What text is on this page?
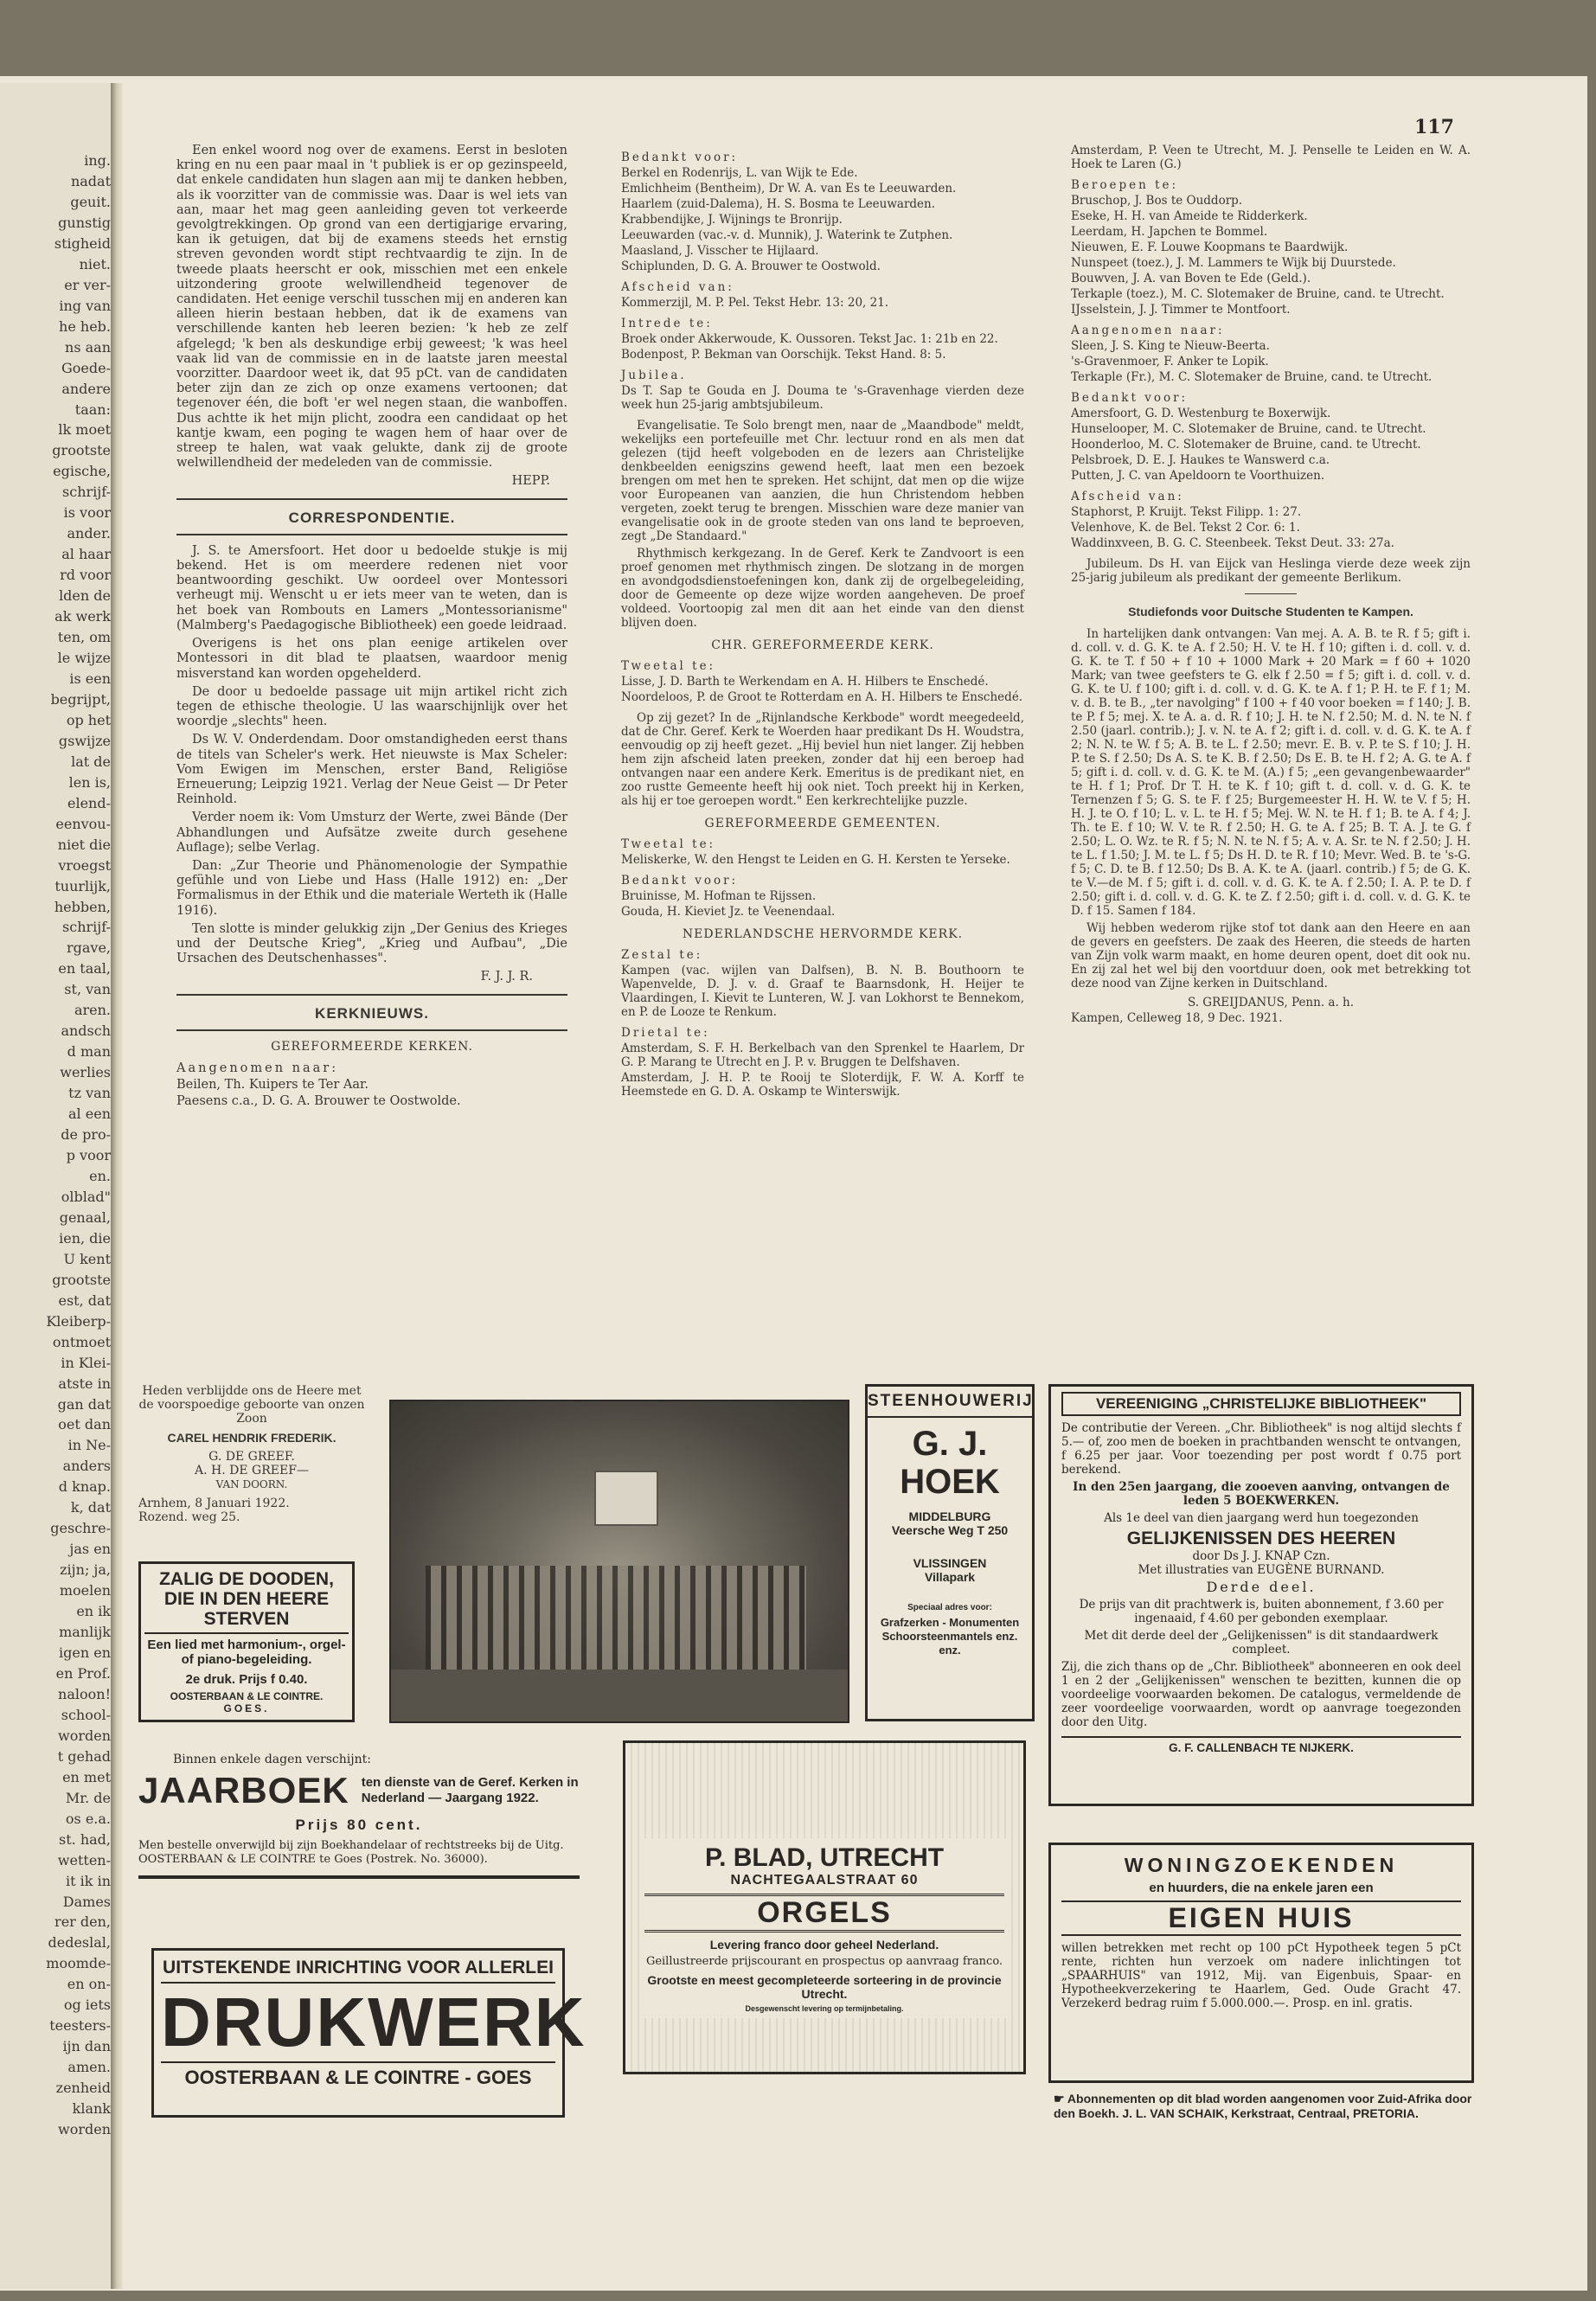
ing.
nadat
geuit.
gunstig
stigheid
niet.
er ver-
ing van
he heb.
ns aan
Goede-
andere
taan:
lk moet
grootste
egische,
schrijf-
is voor
ander.
al haar
rd voor
lden de
ak werk
ten, om
le wijze
is een
begrijpt,
op het
gswijze
lat de
len is,
elend-
eenvou-
niet die
vroegst
tuurlijk,
hebben,
schrijf-
rgave,
en taal,
st, van
aren.
andsch
d man
werlies
tz van
al een
de pro-
p voor
en.
olblad"
genaal,
ien, die
U kent
grootste
est, dat
Kleiberp-
ontmoet
in Klei-
atste in
gan dat
oet dan
in Ne-
anders
d knap.
k, dat
geschre-
jas en
zijn; ja,
moelen
en ik
manlijk
igen en
en Prof.
naloon!
school-
worden
t gehad
en met
Mr. de
os e.a.
st. had,
wetten-
it ik in
Dames
rer den,
dedeslal,
moomde-
en on-
og iets
teesters-
ijn dan
amen.
zenheid
klank
worden
117

Een enkel woord nog over de examens. Eerst in besloten kring en nu een paar maal in 't publiek is er op gezinspeeld, dat enkele candidaten hun slagen aan mij te danken hebben, als ik voorzitter van de commissie was. Daar is wel iets van aan, maar het mag geen aanleiding geven tot verkeerde gevolgtrekkingen. Op grond van een dertigjarige ervaring, kan ik getuigen, dat bij de examens steeds het ernstig streven gevonden wordt stipt rechtvaardig te zijn. In de tweede plaats heerscht er ook, misschien met een enkele uitzondering groote welwillendheid tegenover de candidaten. Het eenige verschil tusschen mij en anderen kan alleen hierin bestaan hebben, dat ik de examens van verschillende kanten heb leeren bezien: 'k heb ze zelf afgelegd; 'k ben als deskundige erbij geweest; 'k was heel vaak lid van de commissie en in de laatste jaren meestal voorzitter. Daardoor weet ik, dat 95 pCt. van de candidaten beter zijn dan ze zich op onze examens vertoonen; dat tegenover één, die boft 'er wel negen staan, die wanboffen. Dus achtte ik het mijn plicht, zoodra een candidaat op het kantje kwam, een poging te wagen hem of haar over de streep te halen, wat vaak gelukte, dank zij de groote welwillendheid der medeleden van de commissie.

HEPP.

CORRESPONDENTIE.

J. S. te Amersfoort. Het door u bedoelde stukje is mij bekend. Het is om meerdere redenen niet voor beantwoording geschikt. Uw oordeel over Montessori verheugt mij. Wenscht u er iets meer van te weten, dan is het boek van Rombouts en Lamers „Montessorianisme" (Malmberg's Paedagogische Bibliotheek) een goede leidraad.

Overigens is het ons plan eenige artikelen over Montessori in dit blad te plaatsen, waardoor menig misverstand kan worden opgehelderd.

De door u bedoelde passage uit mijn artikel richt zich tegen de ethische theologie. U las waarschijnlijk over het woordje „slechts" heen.

Ds W. V. Onderdendam. Door omstandigheden eerst thans de titels van Scheler's werk. Het nieuwste is Max Scheler: Vom Ewigen im Menschen, erster Band, Religiöse Erneuerung; Leipzig 1921. Verlag der Neue Geist — Dr Peter Reinhold.

Verder noem ik: Vom Umsturz der Werte, zwei Bände (Der Abhandlungen und Aufsätze zweite durch gesehene Auflage); selbe Verlag.

Dan: „Zur Theorie und Phänomenologie der Sympathie gefühle und von Liebe und Hass (Halle 1912) en: „Der Formalismus in der Ethik und die materiale Werteth ik (Halle 1916).

Ten slotte is minder gelukkig zijn „Der Genius des Krieges und der Deutsche Krieg", „Krieg und Aufbau", „Die Ursachen des Deutschenhasses".

F. J. J. R.

KERKNIEUWS.
GEREFORMEERDE KERKEN.
Aangenomen naar:
Beilen, Th. Kuipers te Ter Aar.
Paesens c.a., D. G. A. Brouwer te Oostwolde.
Bedankt voor:
Berkel en Rodenrijs, L. van Wijk te Ede.
Emlichheim (Bentheim), Dr W. A. van Es te Leeuwarden.
Haarlem (zuid-Dalema), H. S. Bosma te Leeuwarden.
Krabbendijke, J. Wijnings te Bronrijp.
Leeuwarden (vac.-v. d. Munnik), J. Waterink te Zutphen.
Maasland, J. Visscher te Hijlaard.
Schiplunden, D. G. A. Brouwer te Oostwold.
Afscheid van:
Kommerzijl, M. P. Pel. Tekst Hebr. 13: 20, 21.
Intrede te:
Broek onder Akkerwoude, K. Oussoren. Tekst Jac. 1: 21b en 22.
Bodenpost, P. Bekman van Oorschijk. Tekst Hand. 8: 5.
Jubilea.
Ds T. Sap te Gouda en J. Douma te 's-Gravenhage vierden deze week hun 25-jarig ambtsjubileum.

Evangelisatie. Te Solo brengt men, naar de „Maandbode" meldt, wekelijks een portefeuille met Chr. lectuur rond en als men dat gelezen (tijd heeft volgeboden en de lezers aan Christelijke denkbeelden eenigszins gewend heeft, laat men een bezoek brengen om met hen te spreken. Het schijnt, dat men op die wijze voor Europeanen van aanzien, die hun Christendom hebben vergeten, zoekt terug te brengen. Misschien ware deze manier van evangelisatie ook in de groote steden van ons land te beproeven, zegt „De Standaard."

Rhythmisch kerkgezang. In de Geref. Kerk te Zandvoort is een proef genomen met rhythmisch zingen. De slotzang in de morgen en avondgodsdienstoefeningen kon, dank zij de orgelbegeleiding, door de Gemeente op deze wijze worden aangeheven. De proef voldeed. Voortoopig zal men dit aan het einde van den dienst blijven doen.

CHR. GEREFORMEERDE KERK.
Tweetal te:
Lisse, J. D. Barth te Werkendam en A. H. Hilbers te Enschedé.
Noordeloos, P. de Groot te Rotterdam en A. H. Hilbers te Enschedé.

Op zij gezet? In de „Rijnlandsche Kerkbode" wordt meegedeeld, dat de Chr. Geref. Kerk te Woerden haar predikant Ds H. Woudstra, eenvoudig op zij heeft gezet. „Hij beviel hun niet langer. Zij hebben hem zijn afscheid laten preeken, zonder dat hij een beroep had ontvangen naar een andere Kerk. Emeritus is de predikant niet, en zoo rustte Gemeente heeft hij ook niet. Toch preekt hij in Kerken, als hij er toe geroepen wordt." Een kerkrechtelijke puzzle.

GEREFORMEERDE GEMEENTEN.
Tweetal te:
Meliskerke, W. den Hengst te Leiden en G. H. Kersten te Yerseke.
Bedankt voor:
Bruinisse, M. Hofman te Rijssen.
Gouda, H. Kieviet Jz. te Veenendaal.
NEDERLANDSCHE HERVORMDE KERK.
Zestal te:
Kampen (vac. wijlen van Dalfsen), B. N. B. Bouthoorn te Wapenvelde, D. J. v. d. Graaf te Baarnsdonk, H. Heijer te Vlaardingen, I. Kievit te Lunteren, W. J. van Lokhorst te Bennekom, en P. de Looze te Renkum.
Drietal te:
Amsterdam, S. F. H. Berkelbach van den Sprenkel te Haarlem, Dr G. P. Marang te Utrecht en J. P. v. Bruggen te Delfshaven.
Amsterdam, J. H. P. te Rooij te Sloterdijk, F. W. A. Korff te Heemstede en G. D. A. Oskamp te Winterswijk.
Amsterdam, P. Veen te Utrecht, M. J. Penselle te Leiden en W. A. Hoek te Laren (G.)
Beroepen te:
Bruschop, J. Bos te Ouddorp.
Eseke, H. H. van Ameide te Ridderkerk.
Leerdam, H. Japchen te Bommel.
Nieuwen, E. F. Louwe Koopmans te Baardwijk.
Nunspeet (toez.), J. M. Lammers te Wijk bij Duurstede.
Bouwven, J. A. van Boven te Ede (Geld.).
Terkaple (toez.), M. C. Slotemaker de Bruine, cand. te Utrecht.
IJsselstein, J. J. Timmer te Montfoort.
Aangenomen naar:
Sleen, J. S. King te Nieuw-Beerta.
's-Gravenmoer, F. Anker te Lopik.
Terkaple (Fr.), M. C. Slotemaker de Bruine, cand. te Utrecht.
Bedankt voor:
Amersfoort, G. D. Westenburg te Boxerwijk.
Hunselooper, M. C. Slotemaker de Bruine, cand. te Utrecht.
Hoonderloo, M. C. Slotemaker de Bruine, cand. te Utrecht.
Pelsbroek, D. E. J. Haukes te Wanswerd c.a.
Putten, J. C. van Apeldoorn te Voorthuizen.
Afscheid van:
Staphorst, P. Kruijt. Tekst Filipp. 1: 27.
Velenhove, K. de Bel. Tekst 2 Cor. 6: 1.
Waddinxveen, B. G. C. Steenbeek. Tekst Deut. 33: 27a.

Jubileum. Ds H. van Eijck van Heslinga vierde deze week zijn 25-jarig jubileum als predikant der gemeente Berlikum.

Studiefonds voor Duitsche Studenten te Kampen.

In hartelijken dank ontvangen: Van mej. A. A. B. te R. f 5; gift i. d. coll. v. d. G. K. te A. f 2.50; H. V. te H. f 10; giften i. d. coll. v. d. G. K. te T. f 50 + f 10 + 1000 Mark + 20 Mark = f 60 + 1020 Mark; van twee geefsters te G. elk f 2.50 = f 5; gift i. d. coll. v. d. G. K. te U. f 100; gift i. d. coll. v. d. G. K. te A. f 1; P. H. te F. f 1; M. v. d. B. te B., „ter navolging" f 100 + f 40 voor boeken = f 140; J. B. te P. f 5; mej. X. te A. a. d. R. f 10; J. H. te N. f 2.50; M. d. N. te N. f 2.50 (jaarl. contrib.); J. v. N. te A. f 2; gift i. d. coll. v. d. G. K. te A. f 2; N. N. te W. f 5; A. B. te L. f 2.50; mevr. E. B. v. P. te S. f 10; J. H. P. te S. f 2.50; Ds A. S. te K. B. f 2.50; Ds E. B. te H. f 2; A. G. te A. f 5; gift i. d. coll. v. d. G. K. te M. (A.) f 5; „een gevangenbewaarder" te H. f 1; Prof. Dr T. H. te K. f 10; gift t. d. coll. v. d. G. K. te Ternenzen f 5; G. S. te F. f 25; Burgemeester H. H. W. te V. f 5; H. H. J. te O. f 10; L. v. L. te H. f 5; Mej. W. N. te H. f 1; B. te A. f 4; J. Th. te E. f 10; W. V. te R. f 2.50; H. G. te A. f 25; B. T. A. J. te G. f 2.50; L. O. Wz. te R. f 5; N. N. te N. f 5; A. v. A. Sr. te N. f 2.50; J. H. te L. f 1.50; J. M. te L. f 5; Ds H. D. te R. f 10; Mevr. Wed. B. te 's-G. f 5; C. D. te B. f 12.50; Ds B. A. K. te A. (jaarl. contrib.) f 5; de G. K. te V.—de M. f 5; gift i. d. coll. v. d. G. K. te A. f 2.50; I. A. P. te D. f 2.50; gift i. d. coll. v. d. G. K. te Z. f 2.50; gift i. d. coll. v. d. G. K. te D. f 15. Samen f 184.

Wij hebben wederom rijke stof tot dank aan den Heere en aan de gevers en geefsters. De zaak des Heeren, die steeds de harten van Zijn volk warm maakt, en home deuren opent, doet dit ook nu. En zij zal het wel bij den voortduur doen, ook met betrekking tot deze nood van Zijne kerken in Duitschland.

S. GREIJDANUS, Penn. a. h.
Kampen, Celleweg 18, 9 Dec. 1921.
Heden verblijdde ons de Heere met de voorspoedige geboorte van onzen Zoon
CAREL HENDRIK FREDERIK.
G. DE GREEF.
A. H. DE GREEF—
VAN DOORN.
Arnhem, 8 Januari 1922.
Rozend. weg 25.
ZALIG DE DOODEN, DIE IN DEN HEERE STERVEN
Een lied met harmonium-, orgel- of piano-begeleiding.
2e druk. Prijs f 0.40.
OOSTERBAAN & LE COINTRE.
GOES.
STEENHOUWERIJ
G. J. HOEK
MIDDELBURG
Veersche Weg T 250
VLISSINGEN
Villapark
Speciaal adres voor:
Grafzerken - Monumenten Schoorsteenmantels enz. enz.
VEREENIGING „CHRISTELIJKE BIBLIOTHEEK"
De contributie der Vereen. „Chr. Bibliotheek" is nog altijd slechts f 5.— of, zoo men de boeken in prachtbanden wenscht te ontvangen, f 6.25 per jaar. Voor toezending per post wordt f 0.75 port berekend.
In den 25en jaargang, die zooeven aanving, ontvangen de leden 5 BOEKWERKEN.
Als 1e deel van dien jaargang werd hun toegezonden
GELIJKENISSEN DES HEEREN
door Ds J. J. KNAP Czn.
Met illustraties van EUGÈNE BURNAND.
Derde deel.
De prijs van dit prachtwerk is, buiten abonnement, f 3.60 per ingenaaid, f 4.60 per gebonden exemplaar.
Met dit derde deel der „Gelijkenissen" is dit standaardwerk compleet.
Zij, die zich thans op de „Chr. Bibliotheek" abonneeren en ook deel 1 en 2 der „Gelijkenissen" wenschen te bezitten, kunnen die op voordeelige voorwaarden bekomen. De catalogus, vermeldende de zeer voordeelige voorwaarden, wordt op aanvrage toegezonden door den Uitg.
G. F. CALLENBACH TE NIJKERK.
Binnen enkele dagen verschijnt:
JAARBOEK ten dienste van de Geref. Kerken in Nederland — Jaargang 1922.
Prijs 80 cent.
Men bestelle onverwijld bij zijn Boekhandelaar of rechtstreeks bij de Uitg. OOSTERBAAN & LE COINTRE te Goes (Postrek. No. 36000).	P. BLAD, UTRECHT
NACHTEGAALSTRAAT 60
ORGELS
Levering franco door geheel Nederland.
Geillustreerde prijscourant en prospectus op aanvraag franco.
Grootste en meest gecompleteerde sorteering in de provincie Utrecht.
Desgewenscht levering op termijnbetaling.
UITSTEKENDE INRICHTING VOOR ALLERLEI
DRUKWERK
OOSTERBAAN & LE COINTRE - GOES
WONINGZOEKENDEN
en huurders, die na enkele jaren een
EIGEN HUIS
willen betrekken met recht op 100 pCt Hypotheek tegen 5 pCt rente, richten hun verzoek om nadere inlichtingen tot „SPAARHUIS" van 1912, Mij. van Eigenbuis, Spaar- en Hypotheekverzekering te Haarlem, Ged. Oude Gracht 47. Verzekerd bedrag ruim f 5.000.000.—. Prosp. en inl. gratis.
☛ Abonnementen op dit blad worden aangenomen voor Zuid-Afrika door den Boekh. J. L. VAN SCHAIK, Kerkstraat, Centraal, PRETORIA.
